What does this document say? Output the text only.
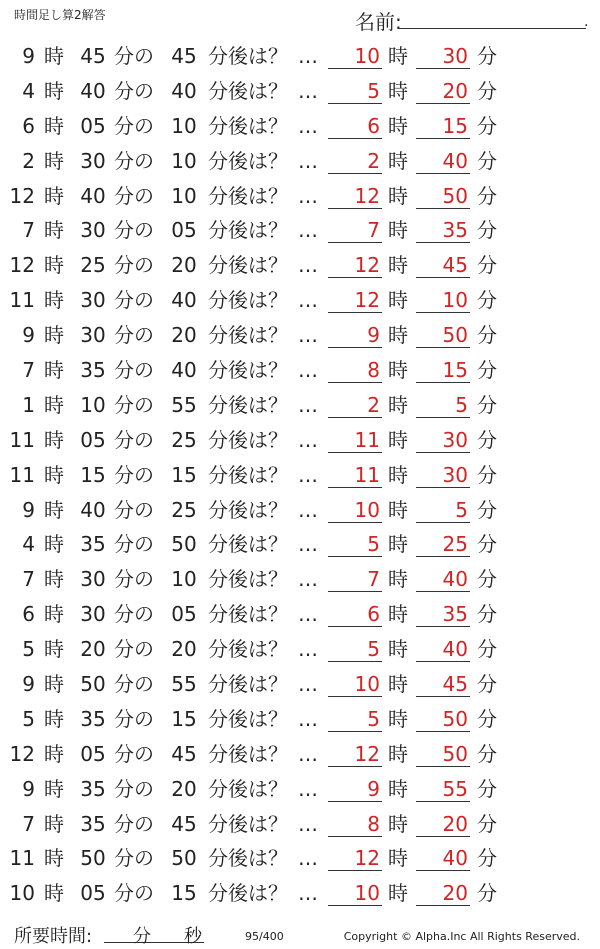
時間足し算2解答	名前:	.
9 時 45 分の 45 分後は？ …	10 時	30 分
4 時 40 分の 40 分後は？ …	5 時	20 分
6 時 05 分の 10 分後は？ …	6 時	15 分
2 時 30 分の 10 分後は？ …	2 時	40 分
12 時 40 分の 10 分後は？ …	12 時	50 分
7 時 30 分の 05 分後は？ …	7 時	35 分
12 時 25 分の 20 分後は？ …	12 時	45 分
11 時 30 分の 40 分後は？ …	12 時	10 分
9 時 30 分の 20 分後は？ …	9 時	50 分
7 時 35 分の 40 分後は？ …	8 時	15 分
1 時 10 分の 55 分後は？ …	2 時	5 分
11 時 05 分の 25 分後は？ …	11 時	30 分
11 時 15 分の 15 分後は？ …	11 時	30 分
9 時 40 分の 25 分後は？ …	10 時	5 分
4 時 35 分の 50 分後は？ …	5 時	25 分
7 時 30 分の 10 分後は？ …	7 時	40 分
6 時 30 分の 05 分後は？ …	6 時	35 分
5 時 20 分の 20 分後は？ …	5 時	40 分
9 時 50 分の 55 分後は？ …	10 時	45 分
5 時 35 分の 15 分後は？ …	5 時	50 分
12 時 05 分の 45 分後は？ …	12 時	50 分
9 時 35 分の 20 分後は？ …	9 時	55 分
7 時 35 分の 45 分後は？ …	8 時	20 分
11 時 50 分の 50 分後は？ …	12 時	40 分
10 時 05 分の 15 分後は？ …	10 時	20 分
所要時間: 分 秒	95/400	Copyright © Alpha.Inc All Rights Reserved.
